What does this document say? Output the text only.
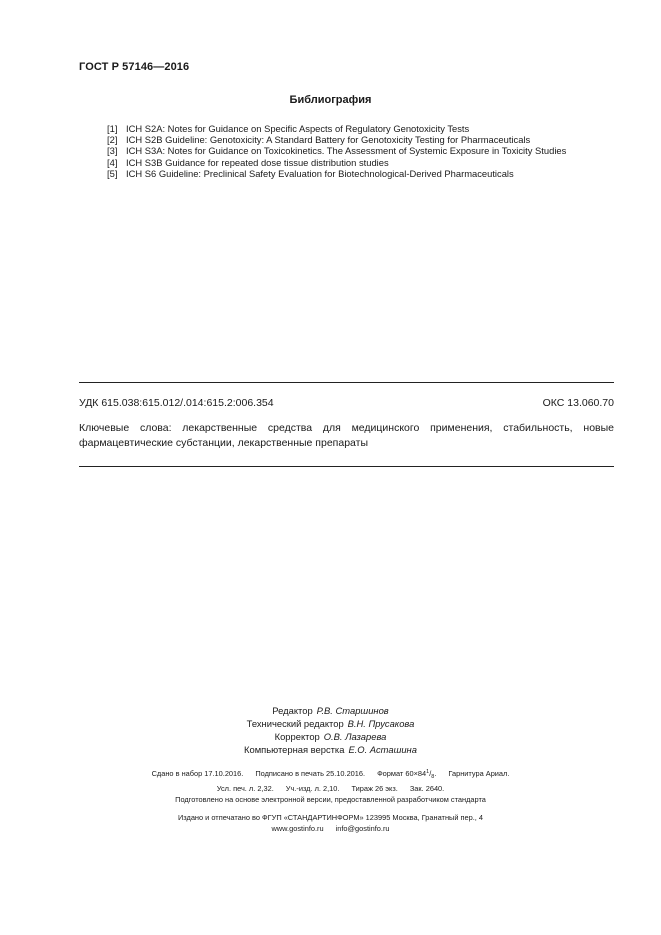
ГОСТ Р 57146—2016
Библиография
[1] ICH S2A: Notes for Guidance on Specific Aspects of Regulatory Genotoxicity Tests
[2] ICH S2B Guideline: Genotoxicity: A Standard Battery for Genotoxicity Testing for Pharmaceuticals
[3] ICH S3A: Notes for Guidance on Toxicokinetics. The Assessment of Systemic Exposure in Toxicity Studies
[4] ICH S3B Guidance for repeated dose tissue distribution studies
[5] ICH S6 Guideline: Preclinical Safety Evaluation for Biotechnological-Derived Pharmaceuticals
УДК 615.038:615.012/.014:615.2:006.354	ОКС 13.060.70
Ключевые слова: лекарственные средства для медицинского применения, стабильность, новые фармацевтические субстанции, лекарственные препараты
Редактор Р.В. Старшинов
Технический редактор В.Н. Прусакова
Корректор О.В. Лазарева
Компьютерная верстка Е.О. Асташина
Сдано в набор 17.10.2016. Подписано в печать 25.10.2016. Формат $60\times 84^1/_8$. Гарнитура Ариал.
Усл. печ. л. 2,32. Уч.-изд. л. 2,10. Тираж 26 экз. Зак. 2640.
Подготовлено на основе электронной версии, предоставленной разработчиком стандарта
Издано и отпечатано во ФГУП «СТАНДАРТИНФОРМ» 123995 Москва, Гранатный пер., 4
www.gostinfo.ru info@gostinfo.ru
